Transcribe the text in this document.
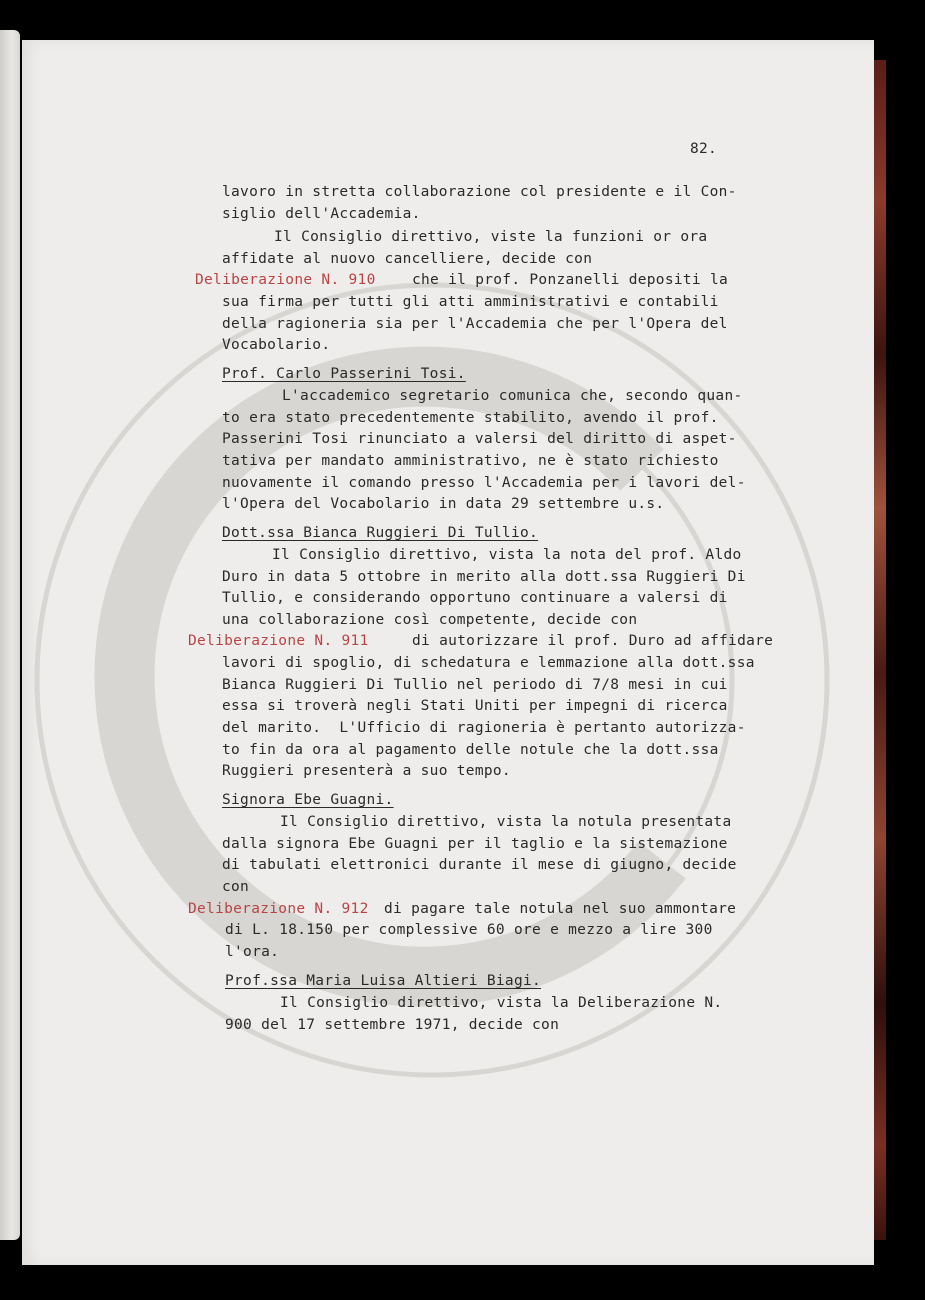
82.
lavoro in stretta collaborazione col presidente e il Con-
siglio dell'Accademia.
Il Consiglio direttivo, viste la funzioni or ora
affidate al nuovo cancelliere, decide con
Deliberazione N. 910	che il prof. Ponzanelli depositi la
sua firma per tutti gli atti amministrativi e contabili
della ragioneria sia per l'Accademia che per l'Opera del
Vocabolario.
Prof. Carlo Passerini Tosi.
L'accademico segretario comunica che, secondo quan-
to era stato precedentemente stabilito, avendo il prof.
Passerini Tosi rinunciato a valersi del diritto di aspet-
tativa per mandato amministrativo, ne è stato richiesto
nuovamente il comando presso l'Accademia per i lavori del-
l'Opera del Vocabolario in data 29 settembre u.s.
Dott.ssa Bianca Ruggieri Di Tullio.
Il Consiglio direttivo, vista la nota del prof. Aldo
Duro in data 5 ottobre in merito alla dott.ssa Ruggieri Di
Tullio, e considerando opportuno continuare a valersi di
una collaborazione così competente, decide con
Deliberazione N. 911	di autorizzare il prof. Duro ad affidare
lavori di spoglio, di schedatura e lemmazione alla dott.ssa
Bianca Ruggieri Di Tullio nel periodo di 7/8 mesi in cui
essa si troverà negli Stati Uniti per impegni di ricerca
del marito.  L'Ufficio di ragioneria è pertanto autorizza-
to fin da ora al pagamento delle notule che la dott.ssa
Ruggieri presenterà a suo tempo.
Signora Ebe Guagni.
Il Consiglio direttivo, vista la notula presentata
dalla signora Ebe Guagni per il taglio e la sistemazione
di tabulati elettronici durante il mese di giugno, decide
con
Deliberazione N. 912 di pagare tale notula nel suo ammontare
di L. 18.150 per complessive 60 ore e mezzo a lire 300
l'ora.
Prof.ssa Maria Luisa Altieri Biagi.
Il Consiglio direttivo, vista la Deliberazione N.
900 del 17 settembre 1971, decide con
